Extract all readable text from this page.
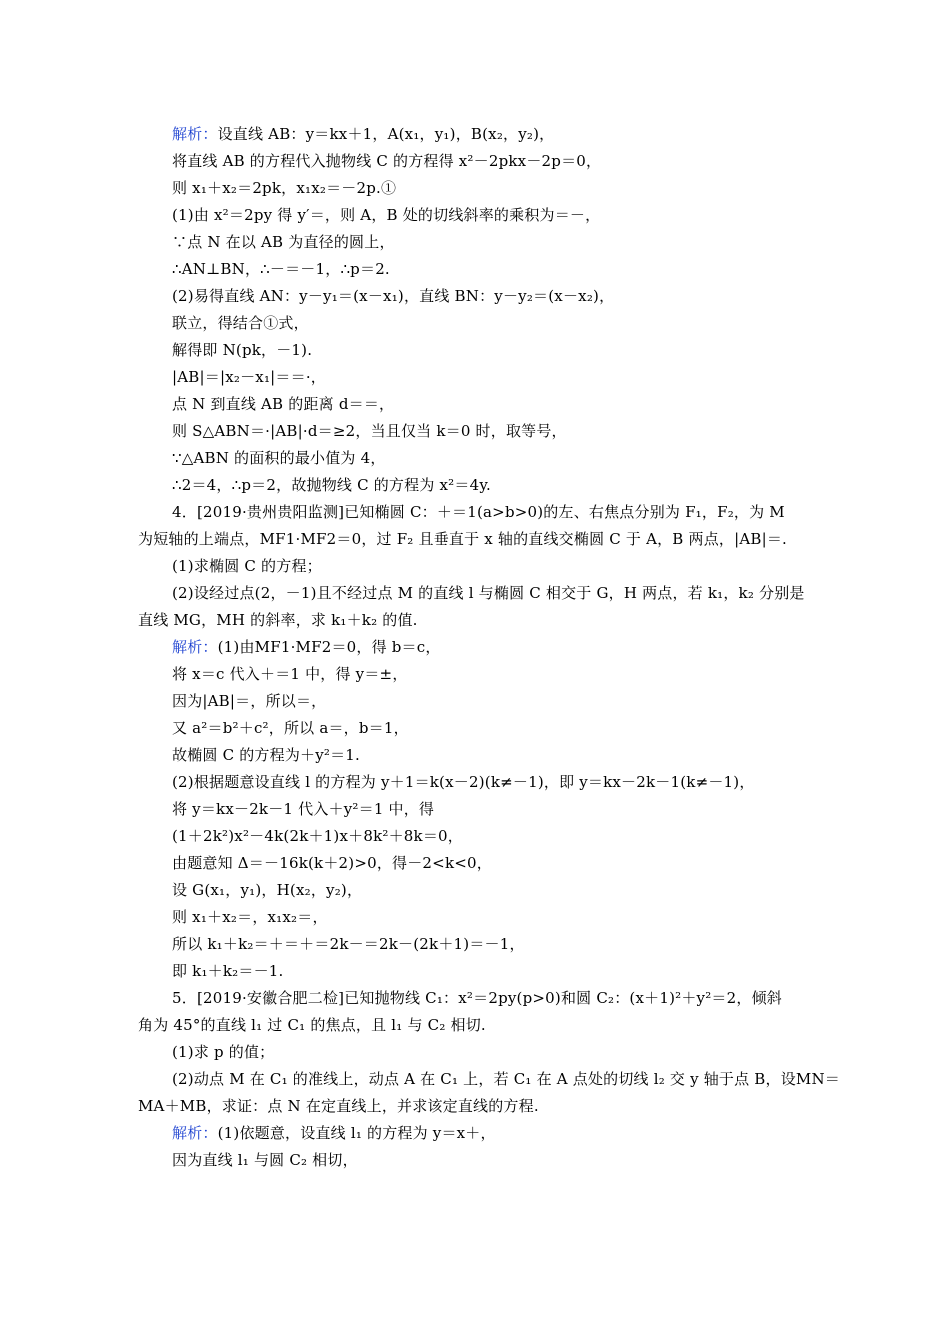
解析：设直线 AB：y＝kx＋1，A(x₁，y₁)，B(x₂，y₂)，
将直线 AB 的方程代入抛物线 C 的方程得 x²－2pkx－2p＝0，
则 x₁＋x₂＝2pk，x₁x₂＝－2p.①
(1)由 x²＝2py 得 y′＝，则 A，B 处的切线斜率的乘积为＝－，
∵点 N 在以 AB 为直径的圆上，
∴AN⊥BN，∴－＝－1，∴p＝2.
(2)易得直线 AN：y－y₁＝(x－x₁)，直线 BN：y－y₂＝(x－x₂)，
联立，得结合①式，
解得即 N(pk，－1).
|AB|＝|x₂－x₁|＝＝·，
点 N 到直线 AB 的距离 d＝＝，
则 S△ABN＝·|AB|·d＝≥2，当且仅当 k＝0 时，取等号，
∵△ABN 的面积的最小值为 4，
∴2＝4，∴p＝2，故抛物线 C 的方程为 x²＝4y.
4．[2019·贵州贵阳监测]已知椭圆 C：＋＝1(a>b>0)的左、右焦点分别为 F₁，F₂，为 M
为短轴的上端点，MF1·MF2＝0，过 F₂ 且垂直于 x 轴的直线交椭圆 C 于 A，B 两点，|AB|＝.
(1)求椭圆 C 的方程；
(2)设经过点(2，－1)且不经过点 M 的直线 l 与椭圆 C 相交于 G，H 两点，若 k₁，k₂ 分别是
直线 MG，MH 的斜率，求 k₁＋k₂ 的值.
解析：(1)由MF1·MF2＝0，得 b＝c，
将 x＝c 代入＋＝1 中，得 y＝±，
因为|AB|＝，所以＝，
又 a²＝b²＋c²，所以 a＝，b＝1，
故椭圆 C 的方程为＋y²＝1.
(2)根据题意设直线 l 的方程为 y＋1＝k(x－2)(k≠－1)，即 y＝kx－2k－1(k≠－1)，
将 y＝kx－2k－1 代入＋y²＝1 中，得
(1＋2k²)x²－4k(2k＋1)x＋8k²＋8k＝0，
由题意知 Δ＝－16k(k＋2)>0，得－2<k<0，
设 G(x₁，y₁)，H(x₂，y₂)，
则 x₁＋x₂＝，x₁x₂＝，
所以 k₁＋k₂＝＋＝＋＝2k－＝2k－(2k＋1)＝－1，
即 k₁＋k₂＝－1.
5．[2019·安徽合肥二检]已知抛物线 C₁：x²＝2py(p>0)和圆 C₂：(x＋1)²＋y²＝2，倾斜
角为 45°的直线 l₁ 过 C₁ 的焦点，且 l₁ 与 C₂ 相切.
(1)求 p 的值；
(2)动点 M 在 C₁ 的准线上，动点 A 在 C₁ 上，若 C₁ 在 A 点处的切线 l₂ 交 y 轴于点 B，设MN＝
MA＋MB，求证：点 N 在定直线上，并求该定直线的方程.
解析：(1)依题意，设直线 l₁ 的方程为 y＝x＋，
因为直线 l₁ 与圆 C₂ 相切，
